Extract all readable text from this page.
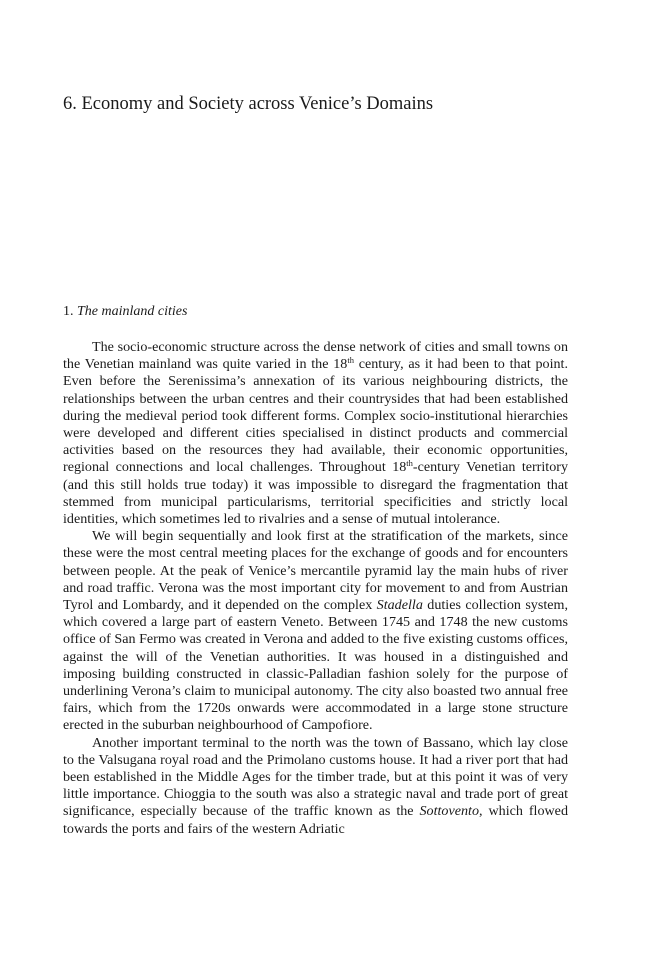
6. Economy and Society across Venice’s Domains
1. The mainland cities

The socio-economic structure across the dense network of cities and small towns on the Venetian mainland was quite varied in the 18th century, as it had been to that point. Even before the Serenissima’s annexation of its various neighbouring districts, the relationships between the urban centres and their countrysides that had been established during the medieval period took different forms. Complex socio-institutional hierarchies were developed and different cities specialised in distinct products and commercial activities based on the resources they had available, their economic opportunities, regional connections and local challenges. Throughout 18th-century Venetian territory (and this still holds true today) it was impossible to disregard the fragmentation that stemmed from municipal particularisms, territorial specificities and strictly local identities, which sometimes led to rivalries and a sense of mutual intolerance.

We will begin sequentially and look first at the stratification of the markets, since these were the most central meeting places for the exchange of goods and for encounters between people. At the peak of Venice’s mercantile pyramid lay the main hubs of river and road traffic. Verona was the most important city for movement to and from Austrian Tyrol and Lombardy, and it depended on the complex Stadella duties collection system, which covered a large part of eastern Veneto. Between 1745 and 1748 the new customs office of San Fermo was created in Verona and added to the five existing customs offices, against the will of the Venetian authorities. It was housed in a distinguished and imposing building constructed in classic-Palladian fashion solely for the purpose of underlining Verona’s claim to municipal autonomy. The city also boasted two annual free fairs, which from the 1720s onwards were accommodated in a large stone structure erected in the suburban neighbourhood of Campofiore.

Another important terminal to the north was the town of Bassano, which lay close to the Valsugana royal road and the Primolano customs house. It had a river port that had been established in the Middle Ages for the timber trade, but at this point it was of very little importance. Chioggia to the south was also a strategic naval and trade port of great significance, especially because of the traffic known as the Sottovento, which flowed towards the ports and fairs of the western Adriatic
